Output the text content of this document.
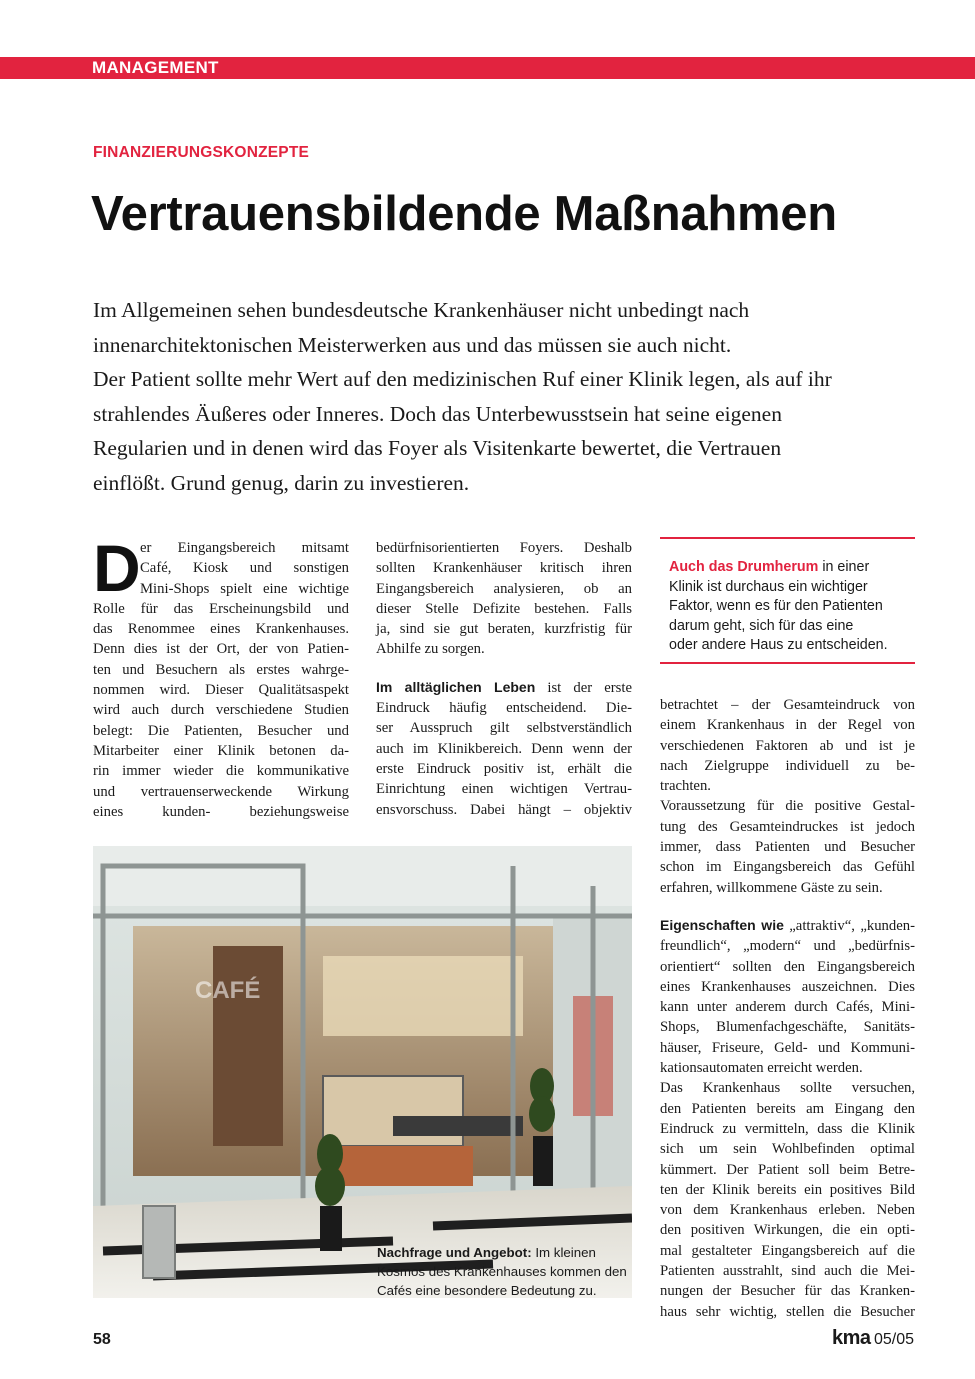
MANAGEMENT
FINANZIERUNGSKONZEPTE
Vertrauensbildende Maßnahmen

Im Allgemeinen sehen bundesdeutsche Krankenhäuser nicht unbedingt nach

innenarchitektonischen Meisterwerken aus und das müssen sie auch nicht.

Der Patient sollte mehr Wert auf den medizinischen Ruf einer Klinik legen, als auf ihr

strahlendes Äußeres oder Inneres. Doch das Unterbewusstsein hat seine eigenen

Regularien und in denen wird das Foyer als Visitenkarte bewertet, die Vertrauen

einflößt. Grund genug, darin zu investieren.

D er Eingangsbereich mitsamt
Café, Kiosk und sonstigen
Mini-Shops spielt eine wichtige
Rolle für das Erscheinungsbild und
das Renommee eines Krankenhauses.
Denn dies ist der Ort, der von Patien-
ten und Besuchern als erstes wahrge-
nommen wird. Dieser Qualitätsaspekt
wird auch durch verschiedene Studien
belegt: Die Patienten, Besucher und
Mitarbeiter einer Klinik betonen da-
rin immer wieder die kommunikative
und vertrauenserweckende Wirkung
eines kunden- beziehungsweise
bedürfnisorientierten Foyers. Deshalb
sollten Krankenhäuser kritisch ihren
Eingangsbereich analysieren, ob an
dieser Stelle Defizite bestehen. Falls
ja, sind sie gut beraten, kurzfristig für
Abhilfe zu sorgen.
Im alltäglichen Leben ist der erste
Eindruck häufig entscheidend. Die-
ser Ausspruch gilt selbstverständlich
auch im Klinikbereich. Denn wenn der
erste Eindruck positiv ist, erhält die
Einrichtung einen wichtigen Vertrau-
ensvorschuss. Dabei hängt – objektiv
Auch das Drumherum in einer
Klinik ist durchaus ein wichtiger
Faktor, wenn es für den Patienten
darum geht, sich für das eine
oder andere Haus zu entscheiden.
betrachtet – der Gesamteindruck von
einem Krankenhaus in der Regel von
verschiedenen Faktoren ab und ist je
nach Zielgruppe individuell zu be-
trachten.
Voraussetzung für die positive Gestal-
tung des Gesamteindruckes ist jedoch
immer, dass Patienten und Besucher
schon im Eingangsbereich das Gefühl
erfahren, willkommene Gäste zu sein.
Eigenschaften wie „attraktiv“, „kunden-
freundlich“, „modern“ und „bedürfnis-
orientiert“ sollten den Eingangsbereich
eines Krankenhauses auszeichnen. Dies
kann unter anderem durch Cafés, Mini-
Shops, Blumenfachgeschäfte, Sanitäts-
häuser, Friseure, Geld- und Kommuni-
kationsautomaten erreicht werden.
Das Krankenhaus sollte versuchen,
den Patienten bereits am Eingang den
Eindruck zu vermitteln, dass die Klinik
sich um sein Wohlbefinden optimal
kümmert. Der Patient soll beim Betre-
ten der Klinik bereits ein positives Bild
von dem Krankenhaus erleben. Neben
den positiven Wirkungen, die ein opti-
mal gestalteter Eingangsbereich auf die
Patienten ausstrahlt, sind auch die Mei-
nungen der Besucher für das Kranken-
haus sehr wichtig, stellen die Besucher
CAFÉ
Nachfrage und Angebot: Im kleinen
Kosmos des Krankenhauses kommen den
Cafés eine besondere Bedeutung zu.
58	kma 05/05
